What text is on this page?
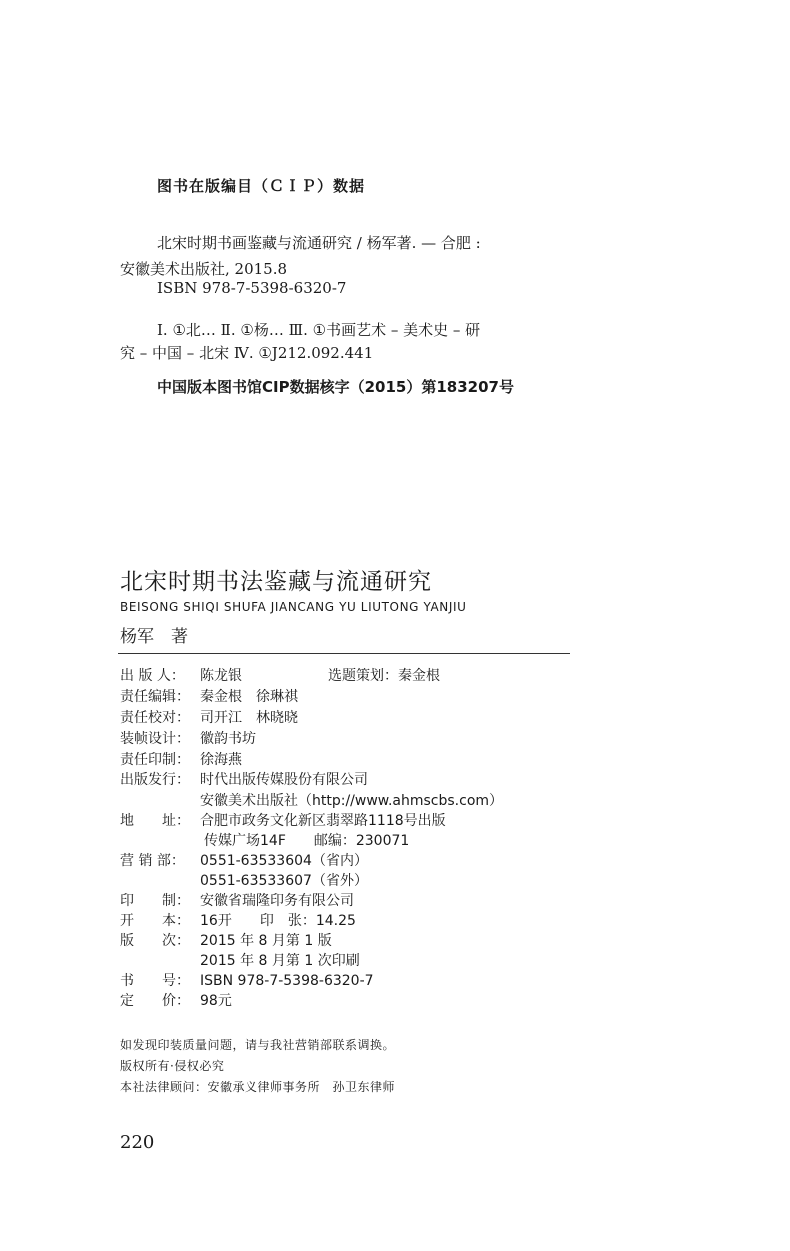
图书在版编目（ＣＩＰ）数据
北宋时期书画鉴藏与流通研究 / 杨军著. — 合肥 :
安徽美术出版社, 2015.8
ISBN 978-7-5398-6320-7
Ⅰ. ①北… Ⅱ. ①杨… Ⅲ. ①书画艺术 – 美术史 – 研
究 – 中国 – 北宋 Ⅳ. ①J212.092.441
中国版本图书馆CIP数据核字（2015）第183207号
北宋时期书法鉴藏与流通研究
BEISONG SHIQI SHUFA JIANCANG YU LIUTONG YANJIU
杨军　著
出 版 人： 陈龙银	选题策划：秦金根
责任编辑： 秦金根　徐琳祺
责任校对： 司开江　林晓晓
装帧设计： 徽韵书坊
责任印制： 徐海燕
出版发行： 时代出版传媒股份有限公司
安徽美术出版社（http://www.ahmscbs.com）
地　　址： 合肥市政务文化新区翡翠路1118号出版
传媒广场14F　　邮编：230071
营 销 部： 0551-63533604（省内）
0551-63533607（省外）
印　　制： 安徽省瑞隆印务有限公司
开　　本： 16开　　印　张：14.25
版　　次： 2015 年 8 月第 1 版
2015 年 8 月第 1 次印刷
书　　号： ISBN 978-7-5398-6320-7
定　　价： 98元
如发现印装质量问题，请与我社营销部联系调换。
版权所有·侵权必究
本社法律顾问：安徽承义律师事务所　孙卫东律师
220
